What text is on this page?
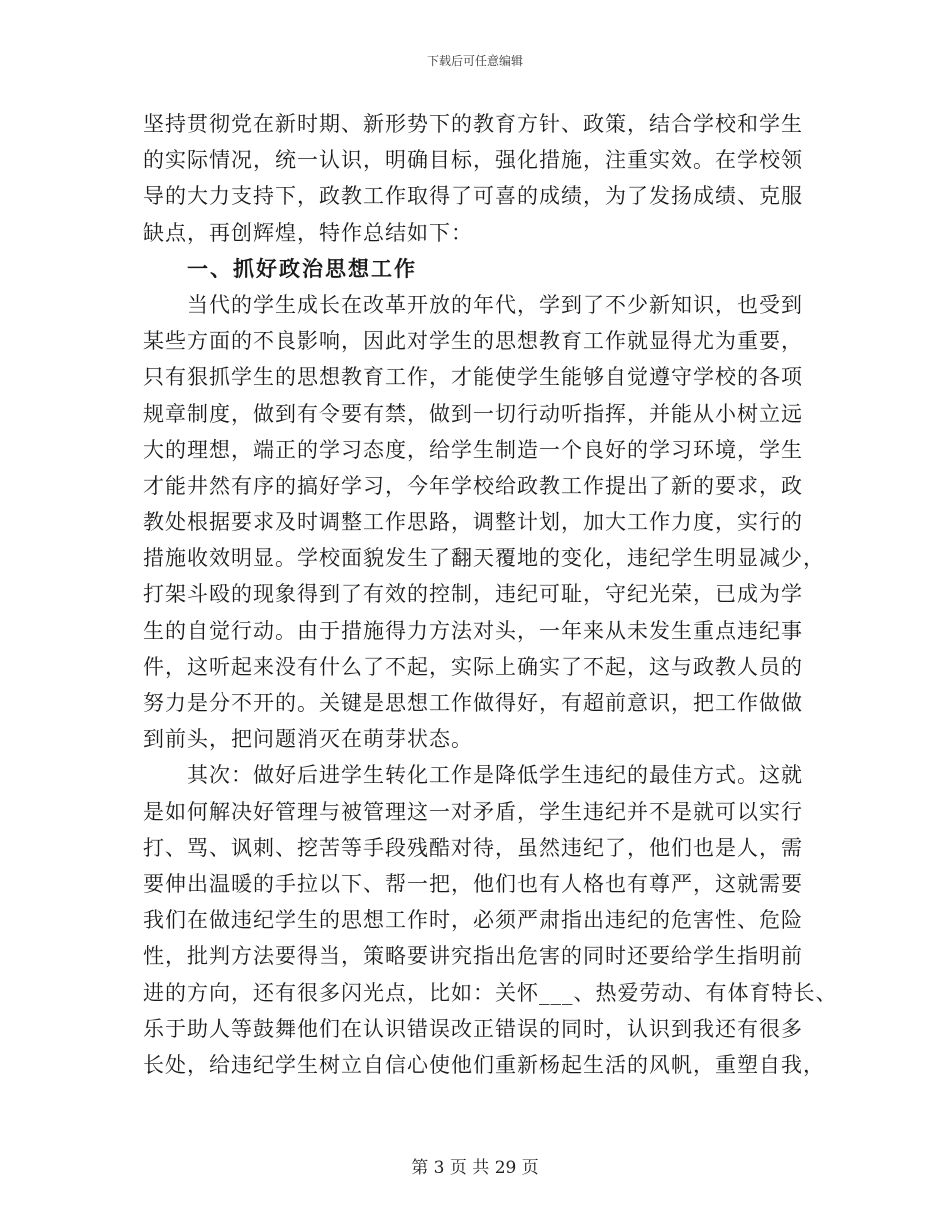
下载后可任意编辑
坚持贯彻党在新时期、新形势下的教育方针、政策，结合学校和学生
的实际情况，统一认识，明确目标，强化措施，注重实效。在学校领
导的大力支持下，政教工作取得了可喜的成绩，为了发扬成绩、克服
缺点，再创辉煌，特作总结如下：
一、抓好政治思想工作
当代的学生成长在改革开放的年代，学到了不少新知识，也受到
某些方面的不良影响，因此对学生的思想教育工作就显得尤为重要，
只有狠抓学生的思想教育工作，才能使学生能够自觉遵守学校的各项
规章制度，做到有令要有禁，做到一切行动听指挥，并能从小树立远
大的理想，端正的学习态度，给学生制造一个良好的学习环境，学生
才能井然有序的搞好学习，今年学校给政教工作提出了新的要求，政
教处根据要求及时调整工作思路，调整计划，加大工作力度，实行的
措施收效明显。学校面貌发生了翻天覆地的变化，违纪学生明显减少，
打架斗殴的现象得到了有效的控制，违纪可耻，守纪光荣，已成为学
生的自觉行动。由于措施得力方法对头，一年来从未发生重点违纪事
件，这听起来没有什么了不起，实际上确实了不起，这与政教人员的
努力是分不开的。关键是思想工作做得好，有超前意识，把工作做做
到前头，把问题消灭在萌芽状态。
其次：做好后进学生转化工作是降低学生违纪的最佳方式。这就
是如何解决好管理与被管理这一对矛盾，学生违纪并不是就可以实行
打、骂、讽刺、挖苦等手段残酷对待，虽然违纪了，他们也是人，需
要伸出温暖的手拉以下、帮一把，他们也有人格也有尊严，这就需要
我们在做违纪学生的思想工作时，必须严肃指出违纪的危害性、危险
性，批判方法要得当，策略要讲究指出危害的同时还要给学生指明前
进的方向，还有很多闪光点，比如：关怀___、热爱劳动、有体育特长、
乐于助人等鼓舞他们在认识错误改正错误的同时，认识到我还有很多
长处，给违纪学生树立自信心使他们重新杨起生活的风帆，重塑自我，
第 3 页 共 29 页
